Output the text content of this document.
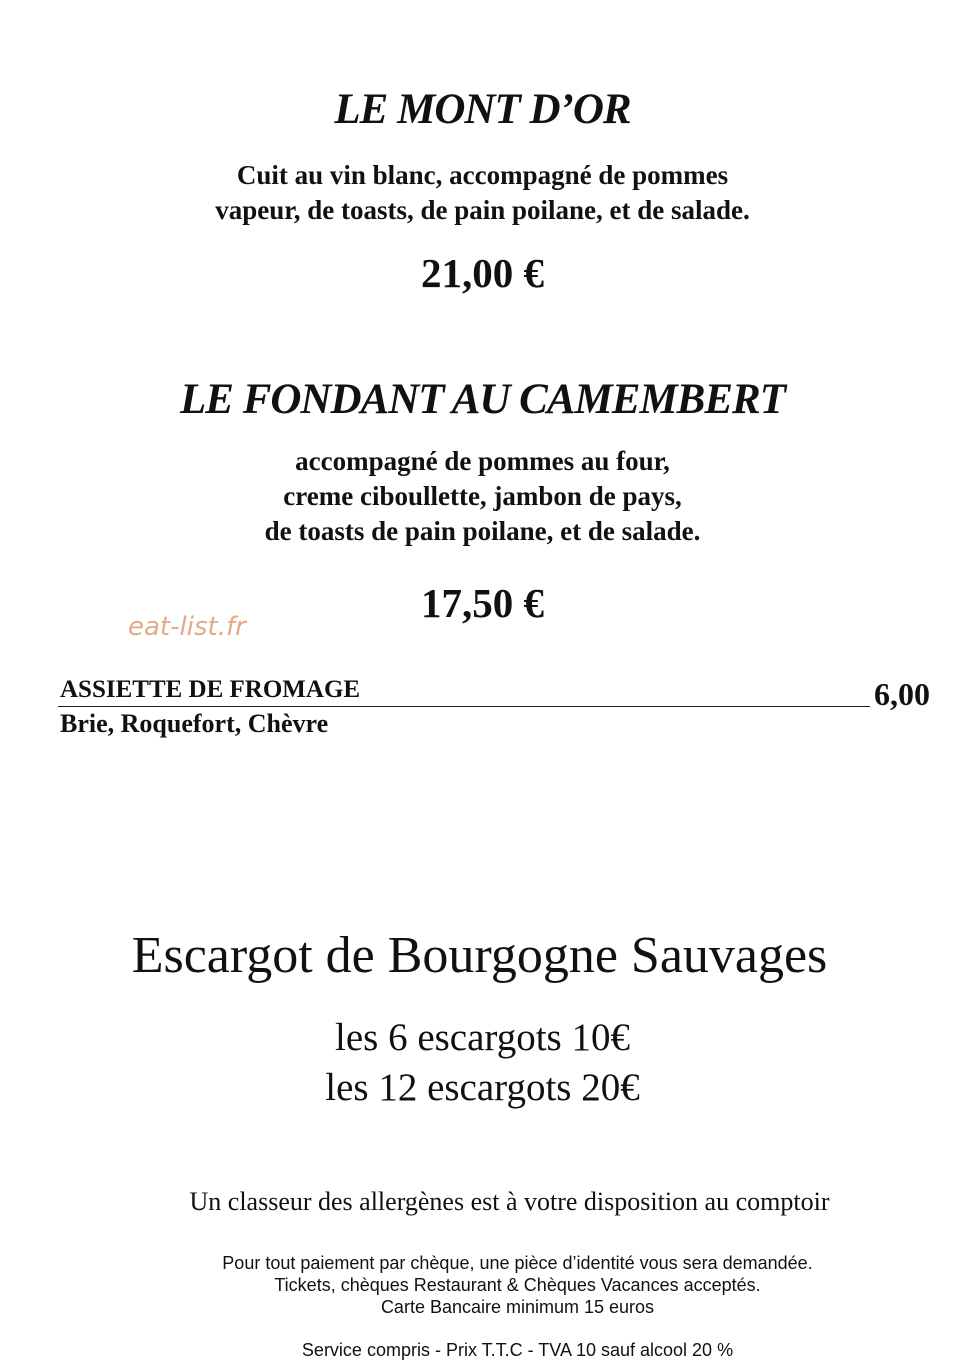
LE MONT D’OR
Cuit au vin blanc, accompagné de pommes
vapeur, de toasts, de pain poilane, et de salade.
21,00 €
LE FONDANT AU CAMEMBERT
accompagné de pommes au four,
creme ciboullette, jambon de pays,
de toasts de pain poilane, et de salade.
17,50 €
eat-list.fr
ASSIETTE DE FROMAGE
Brie, Roquefort, Chèvre
6,00
Escargot de Bourgogne Sauvages
les 6 escargots 10€
les 12 escargots 20€
Un classeur des allergènes est à votre disposition au comptoir
Pour tout paiement par chèque, une pièce d’identité vous sera demandée.
Tickets, chèques Restaurant & Chèques Vacances acceptés.
Carte Bancaire minimum 15 euros
Service compris - Prix T.T.C - TVA 10 sauf alcool 20 %
